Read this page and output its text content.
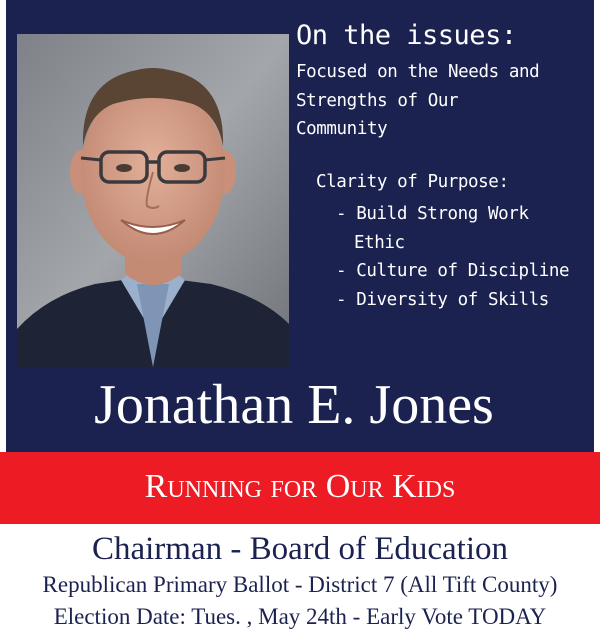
On the issues:
Focused on the Needs and
Strengths of Our
Community
Clarity of Purpose:
- Build Strong Work
Ethic
- Culture of Discipline
- Diversity of Skills
Jonathan E. Jones
Running for Our Kids
Chairman - Board of Education
Republican Primary Ballot - District 7 (All Tift County)
Election Date: Tues. , May 24th - Early Vote TODAY
